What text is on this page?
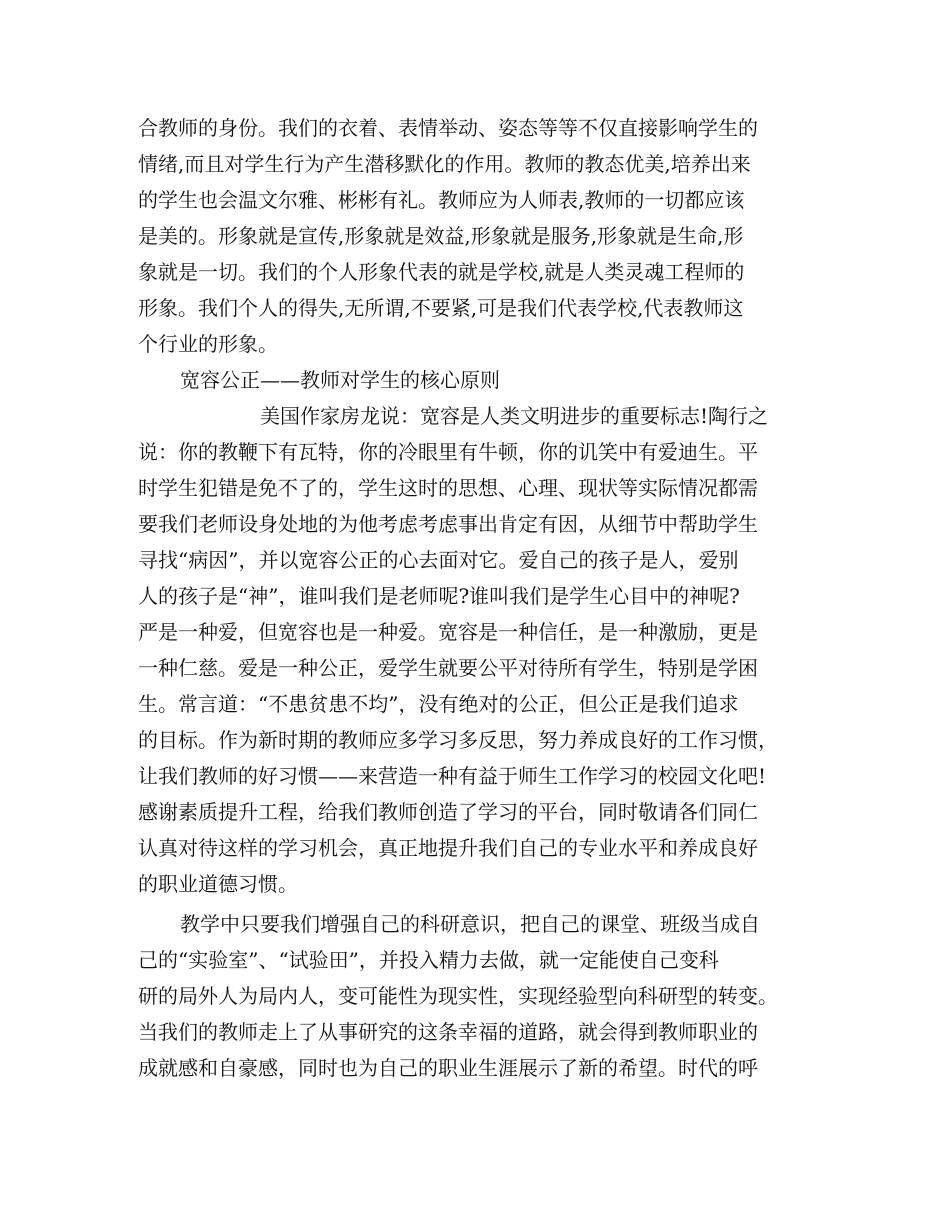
合教师的身份。我们的衣着、表情举动、姿态等等不仅直接影响学生的
情绪,而且对学生行为产生潜移默化的作用。教师的教态优美,培养出来
的学生也会温文尔雅、彬彬有礼。教师应为人师表,教师的一切都应该
是美的。形象就是宣传,形象就是效益,形象就是服务,形象就是生命,形
象就是一切。我们的个人形象代表的就是学校,就是人类灵魂工程师的
形象。我们个人的得失,无所谓,不要紧,可是我们代表学校,代表教师这
个行业的形象。
宽容公正——教师对学生的核心原则
美国作家房龙说：宽容是人类文明进步的重要标志!陶行之
说：你的教鞭下有瓦特，你的冷眼里有牛顿，你的讥笑中有爱迪生。平
时学生犯错是免不了的，学生这时的思想、心理、现状等实际情况都需
要我们老师设身处地的为他考虑考虑事出肯定有因，从细节中帮助学生
寻找“病因”，并以宽容公正的心去面对它。爱自己的孩子是人，爱别
人的孩子是“神”，谁叫我们是老师呢?谁叫我们是学生心目中的神呢?
严是一种爱，但宽容也是一种爱。宽容是一种信任，是一种激励，更是
一种仁慈。爱是一种公正，爱学生就要公平对待所有学生，特别是学困
生。常言道：“不患贫患不均”，没有绝对的公正，但公正是我们追求
的目标。作为新时期的教师应多学习多反思，努力养成良好的工作习惯，
让我们教师的好习惯——来营造一种有益于师生工作学习的校园文化吧!
感谢素质提升工程，给我们教师创造了学习的平台，同时敬请各们同仁
认真对待这样的学习机会，真正地提升我们自己的专业水平和养成良好
的职业道德习惯。
教学中只要我们增强自己的科研意识，把自己的课堂、班级当成自
己的“实验室”、“试验田”，并投入精力去做，就一定能使自己变科
研的局外人为局内人，变可能性为现实性，实现经验型向科研型的转变。
当我们的教师走上了从事研究的这条幸福的道路，就会得到教师职业的
成就感和自豪感，同时也为自己的职业生涯展示了新的希望。时代的呼
